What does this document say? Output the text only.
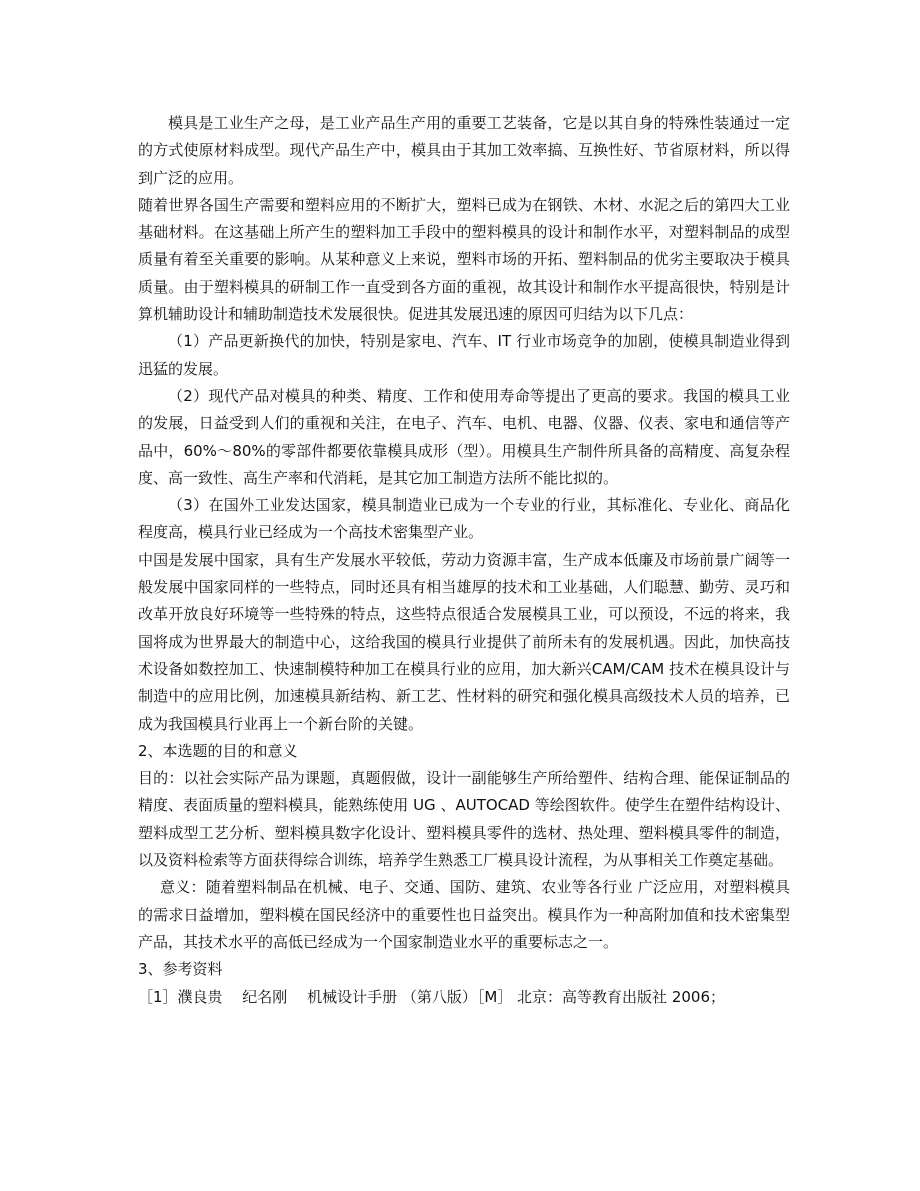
模具是工业生产之母，是工业产品生产用的重要工艺装备，它是以其自身的特殊性装通过一定的方式使原材料成型。现代产品生产中，模具由于其加工效率搞、互换性好、节省原材料，所以得到广泛的应用。

随着世界各国生产需要和塑料应用的不断扩大，塑料已成为在钢铁、木材、水泥之后的第四大工业基础材料。在这基础上所产生的塑料加工手段中的塑料模具的设计和制作水平，对塑料制品的成型质量有着至关重要的影响。从某种意义上来说，塑料市场的开拓、塑料制品的优劣主要取决于模具质量。由于塑料模具的研制工作一直受到各方面的重视，故其设计和制作水平提高很快，特别是计算机辅助设计和辅助制造技术发展很快。促进其发展迅速的原因可归结为以下几点：

（1）产品更新换代的加快，特别是家电、汽车、IT 行业市场竞争的加剧，使模具制造业得到迅猛的发展。

（2）现代产品对模具的种类、精度、工作和使用寿命等提出了更高的要求。我国的模具工业的发展，日益受到人们的重视和关注，在电子、汽车、电机、电器、仪器、仪表、家电和通信等产品中，60%～80%的零部件都要依靠模具成形（型）。用模具生产制件所具备的高精度、高复杂程度、高一致性、高生产率和代消耗，是其它加工制造方法所不能比拟的。

（3）在国外工业发达国家，模具制造业已成为一个专业的行业，其标准化、专业化、商品化程度高，模具行业已经成为一个高技术密集型产业。

中国是发展中国家，具有生产发展水平较低，劳动力资源丰富，生产成本低廉及市场前景广阔等一般发展中国家同样的一些特点，同时还具有相当雄厚的技术和工业基础，人们聪慧、勤劳、灵巧和改革开放良好环境等一些特殊的特点，这些特点很适合发展模具工业，可以预设，不远的将来，我国将成为世界最大的制造中心，这给我国的模具行业提供了前所未有的发展机遇。因此，加快高技术设备如数控加工、快速制模特种加工在模具行业的应用，加大新兴CAM/CAM 技术在模具设计与制造中的应用比例，加速模具新结构、新工艺、性材料的研究和强化模具高级技术人员的培养，已成为我国模具行业再上一个新台阶的关键。

2、本选题的目的和意义

目的：以社会实际产品为课题，真题假做，设计一副能够生产所给塑件、结构合理、能保证制品的精度、表面质量的塑料模具，能熟练使用 UG 、AUTOCAD 等绘图软件。使学生在塑件结构设计、塑料成型工艺分析、塑料模具数字化设计、塑料模具零件的选材、热处理、塑料模具零件的制造，以及资料检索等方面获得综合训练，培养学生熟悉工厂模具设计流程，为从事相关工作奠定基础。

意义：随着塑料制品在机械、电子、交通、国防、建筑、农业等各行业 广泛应用，对塑料模具的需求日益增加，塑料模在国民经济中的重要性也日益突出。模具作为一种高附加值和技术密集型产品，其技术水平的高低已经成为一个国家制造业水平的重要标志之一。

3、参考资料

［1］濮良贵　 纪名刚　 机械设计手册 （第八版）［M］ 北京：高等教育出版社 2006；
